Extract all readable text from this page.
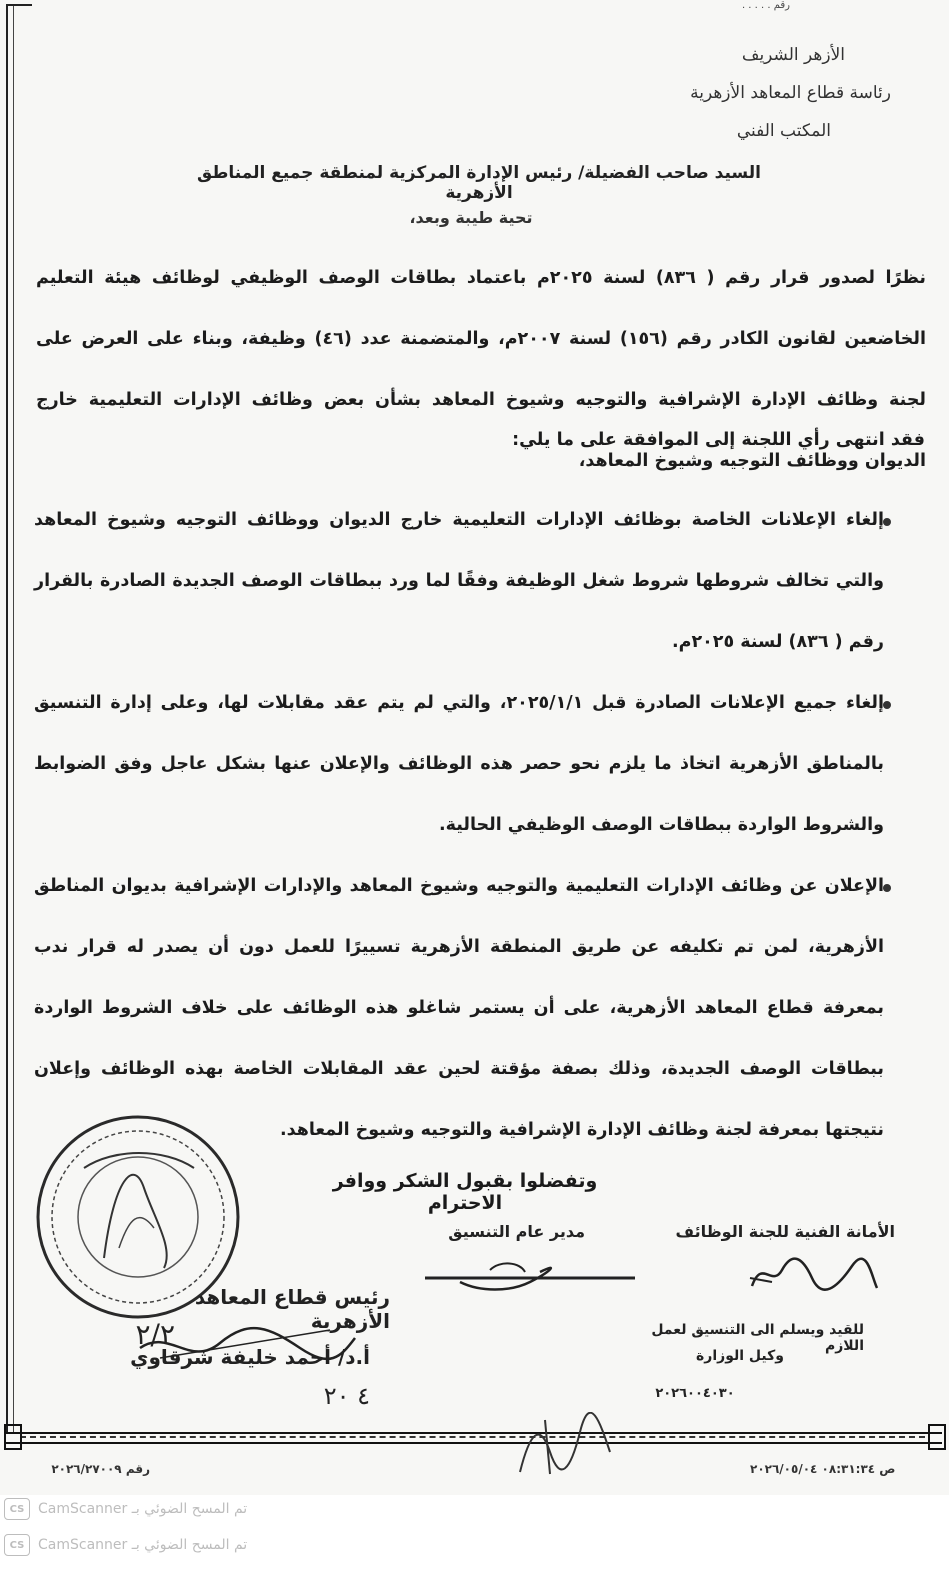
رقم . . . . .
الأزهر الشريف
رئاسة قطاع المعاهد الأزهرية
المكتب الفني
السيد صاحب الفضيلة/ رئيس الإدارة المركزية لمنطقة جميع المناطق الأزهرية
تحية طيبة وبعد،
نظرًا لصدور قرار رقم ( ٨٣٦) لسنة ٢٠٢٥م باعتماد بطاقات الوصف الوظيفي لوظائف هيئة التعليم الخاضعين لقانون الكادر رقم (١٥٦) لسنة ٢٠٠٧م، والمتضمنة عدد (٤٦) وظيفة، وبناء على العرض على لجنة وظائف الإدارة الإشرافية والتوجيه وشيوخ المعاهد بشأن بعض وظائف الإدارات التعليمية خارج الديوان ووظائف التوجيه وشيوخ المعاهد،
فقد انتهى رأي اللجنة إلى الموافقة على ما يلي:
إلغاء الإعلانات الخاصة بوظائف الإدارات التعليمية خارج الديوان ووظائف التوجيه وشيوخ المعاهد والتي تخالف شروطها شروط شغل الوظيفة وفقًا لما ورد ببطاقات الوصف الجديدة الصادرة بالقرار رقم ( ٨٣٦) لسنة ٢٠٢٥م.
إلغاء جميع الإعلانات الصادرة قبل ٢٠٢٥/١/١، والتي لم يتم عقد مقابلات لها، وعلى إدارة التنسيق بالمناطق الأزهرية اتخاذ ما يلزم نحو حصر هذه الوظائف والإعلان عنها بشكل عاجل وفق الضوابط والشروط الواردة ببطاقات الوصف الوظيفي الحالية.
الإعلان عن وظائف الإدارات التعليمية والتوجيه وشيوخ المعاهد والإدارات الإشرافية بديوان المناطق الأزهرية، لمن تم تكليفه عن طريق المنطقة الأزهرية تسييرًا للعمل دون أن يصدر له قرار ندب بمعرفة قطاع المعاهد الأزهرية، على أن يستمر شاغلو هذه الوظائف على خلاف الشروط الواردة ببطاقات الوصف الجديدة، وذلك بصفة مؤقتة لحين عقد المقابلات الخاصة بهذه الوظائف وإعلان نتيجتها بمعرفة لجنة وظائف الإدارة الإشرافية والتوجيه وشيوخ المعاهد.
وتفضلوا بقبول الشكر ووافر الاحترام
الأمانة الفنية للجنة الوظائف
مدير عام التنسيق
رئيس قطاع المعاهد الأزهرية
أ.د/ أحمد خليفة شرقاوي
٢/٢
٤ ٢٠
للقيد ويسلم الى التنسيق لعمل اللازم
وكيل الوزارة
٢٠٢٦٠٠٤٠٣٠
رقم ٢٠٢٦/٢٧٠٠٩	ص ٠٨:٣١:٣٤ ٢٠٢٦/٠٥/٠٤
CS تم المسح الضوئي بـ CamScanner
CS تم المسح الضوئي بـ CamScanner
